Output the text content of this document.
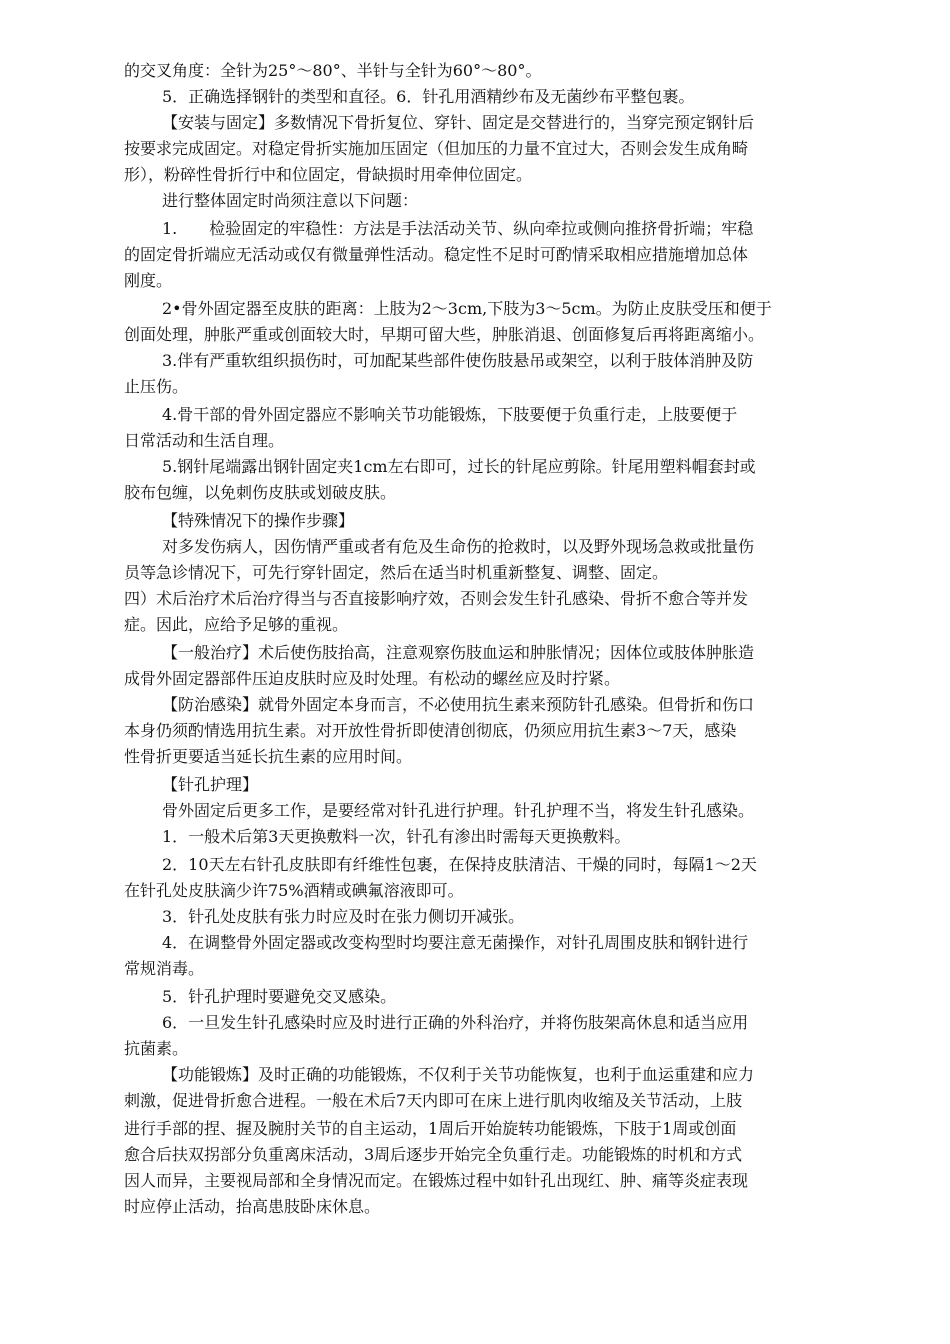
的交叉角度：全针为25°～80°、半针与全针为60°～80°。
5．正确选择钢针的类型和直径。6．针孔用酒精纱布及无菌纱布平整包裹。
【安装与固定】多数情况下骨折复位、穿针、固定是交替进行的，当穿完预定钢针后
按要求完成固定。对稳定骨折实施加压固定（但加压的力量不宜过大，否则会发生成角畸
形），粉碎性骨折行中和位固定，骨缺损时用牵伸位固定。
进行整体固定时尚须注意以下问题：
1.　　检验固定的牢稳性：方法是手法活动关节、纵向牵拉或侧向推挤骨折端；牢稳
的固定骨折端应无活动或仅有微量弹性活动。稳定性不足时可酌情采取相应措施增加总体
刚度。
2•骨外固定器至皮肤的距离：上肢为2～3cm,下肢为3～5cm。为防止皮肤受压和便于
创面处理，肿胀严重或创面较大时，早期可留大些，肿胀消退、创面修复后再将距离缩小。
3.伴有严重软组织损伤时，可加配某些部件使伤肢悬吊或架空，以利于肢体消肿及防
止压伤。
4.骨干部的骨外固定器应不影响关节功能锻炼，下肢要便于负重行走，上肢要便于
日常活动和生活自理。
5.钢针尾端露出钢针固定夹1cm左右即可，过长的针尾应剪除。针尾用塑料帽套封或
胶布包缠，以免刺伤皮肤或划破皮肤。
【特殊情况下的操作步骤】
对多发伤病人，因伤情严重或者有危及生命伤的抢救时，以及野外现场急救或批量伤
员等急诊情况下，可先行穿针固定，然后在适当时机重新整复、调整、固定。
四）术后治疗术后治疗得当与否直接影响疗效，否则会发生针孔感染、骨折不愈合等并发
症。因此，应给予足够的重视。
【一般治疗】术后使伤肢抬高，注意观察伤肢血运和肿胀情况；因体位或肢体肿胀造
成骨外固定器部件压迫皮肤时应及时处理。有松动的螺丝应及时拧紧。
【防治感染】就骨外固定本身而言，不必使用抗生素来预防针孔感染。但骨折和伤口
本身仍须酌情选用抗生素。对开放性骨折即使清创彻底，仍须应用抗生素3～7天，感染
性骨折更要适当延长抗生素的应用时间。
【针孔护理】
骨外固定后更多工作，是要经常对针孔进行护理。针孔护理不当，将发生针孔感染。
1．一般术后第3天更换敷料一次，针孔有渗出时需每天更换敷料。
2．10天左右针孔皮肤即有纤维性包裹，在保持皮肤清洁、干燥的同时，每隔1～2天
在针孔处皮肤滴少许75%酒精或碘氟溶液即可。
3．针孔处皮肤有张力时应及时在张力侧切开减张。
4．在调整骨外固定器或改变构型时均要注意无菌操作，对针孔周围皮肤和钢针进行
常规消毒。
5．针孔护理时要避免交叉感染。
6．一旦发生针孔感染时应及时进行正确的外科治疗，并将伤肢架高休息和适当应用
抗菌素。
【功能锻炼】及时正确的功能锻炼，不仅利于关节功能恢复，也利于血运重建和应力
刺激，促进骨折愈合进程。一般在术后7天内即可在床上进行肌肉收缩及关节活动，上肢
进行手部的捏、握及腕肘关节的自主运动，1周后开始旋转功能锻炼，下肢于1周或创面
愈合后扶双拐部分负重离床活动，3周后逐步开始完全负重行走。功能锻炼的时机和方式
因人而异，主要视局部和全身情况而定。在锻炼过程中如针孔出现红、肿、痛等炎症表现
时应停止活动，抬高患肢卧床休息。
